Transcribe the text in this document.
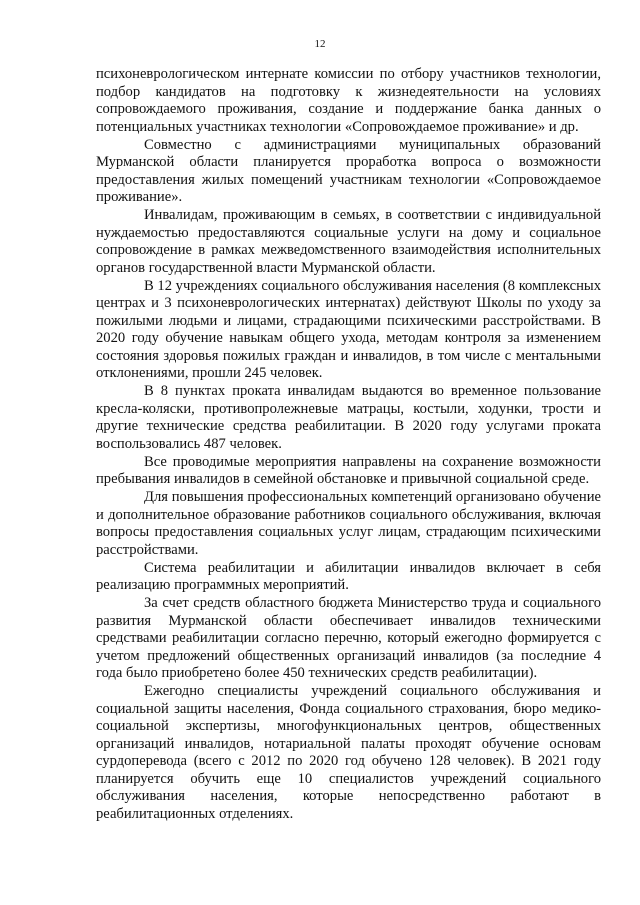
12

психоневрологическом интернате комиссии по отбору участников технологии, подбор кандидатов на подготовку к жизнедеятельности на условиях сопровождаемого проживания, создание и поддержание банка данных о потенциальных участниках технологии «Сопровождаемое проживание» и др.

Совместно с администрациями муниципальных образований Мурманской области планируется проработка вопроса о возможности предоставления жилых помещений участникам технологии «Сопровождаемое проживание».

Инвалидам, проживающим в семьях, в соответствии с индивидуальной нуждаемостью предоставляются социальные услуги на дому и социальное сопровождение в рамках межведомственного взаимодействия исполнительных органов государственной власти Мурманской области.

В 12 учреждениях социального обслуживания населения (8 комплексных центрах и 3 психоневрологических интернатах) действуют Школы по уходу за пожилыми людьми и лицами, страдающими психическими расстройствами. В 2020 году обучение навыкам общего ухода, методам контроля за изменением состояния здоровья пожилых граждан и инвалидов, в том числе с ментальными отклонениями, прошли 245 человек.

В 8 пунктах проката инвалидам выдаются во временное пользование кресла-коляски, противопролежневые матрацы, костыли, ходунки, трости и другие технические средства реабилитации. В 2020 году услугами проката воспользовались 487 человек.

Все проводимые мероприятия направлены на сохранение возможности пребывания инвалидов в семейной обстановке и привычной социальной среде.

Для повышения профессиональных компетенций организовано обучение и дополнительное образование работников социального обслуживания, включая вопросы предоставления социальных услуг лицам, страдающим психическими расстройствами.

Система реабилитации и абилитации инвалидов включает в себя реализацию программных мероприятий.

За счет средств областного бюджета Министерство труда и социального развития Мурманской области обеспечивает инвалидов техническими средствами реабилитации согласно перечню, который ежегодно формируется с учетом предложений общественных организаций инвалидов (за последние 4 года было приобретено более 450 технических средств реабилитации).

Ежегодно специалисты учреждений социального обслуживания и социальной защиты населения, Фонда социального страхования, бюро медико-социальной экспертизы, многофункциональных центров, общественных организаций инвалидов, нотариальной палаты проходят обучение основам сурдоперевода (всего с 2012 по 2020 год обучено 128 человек). В 2021 году планируется обучить еще 10 специалистов учреждений социального обслуживания населения, которые непосредственно работают в реабилитационных отделениях.
